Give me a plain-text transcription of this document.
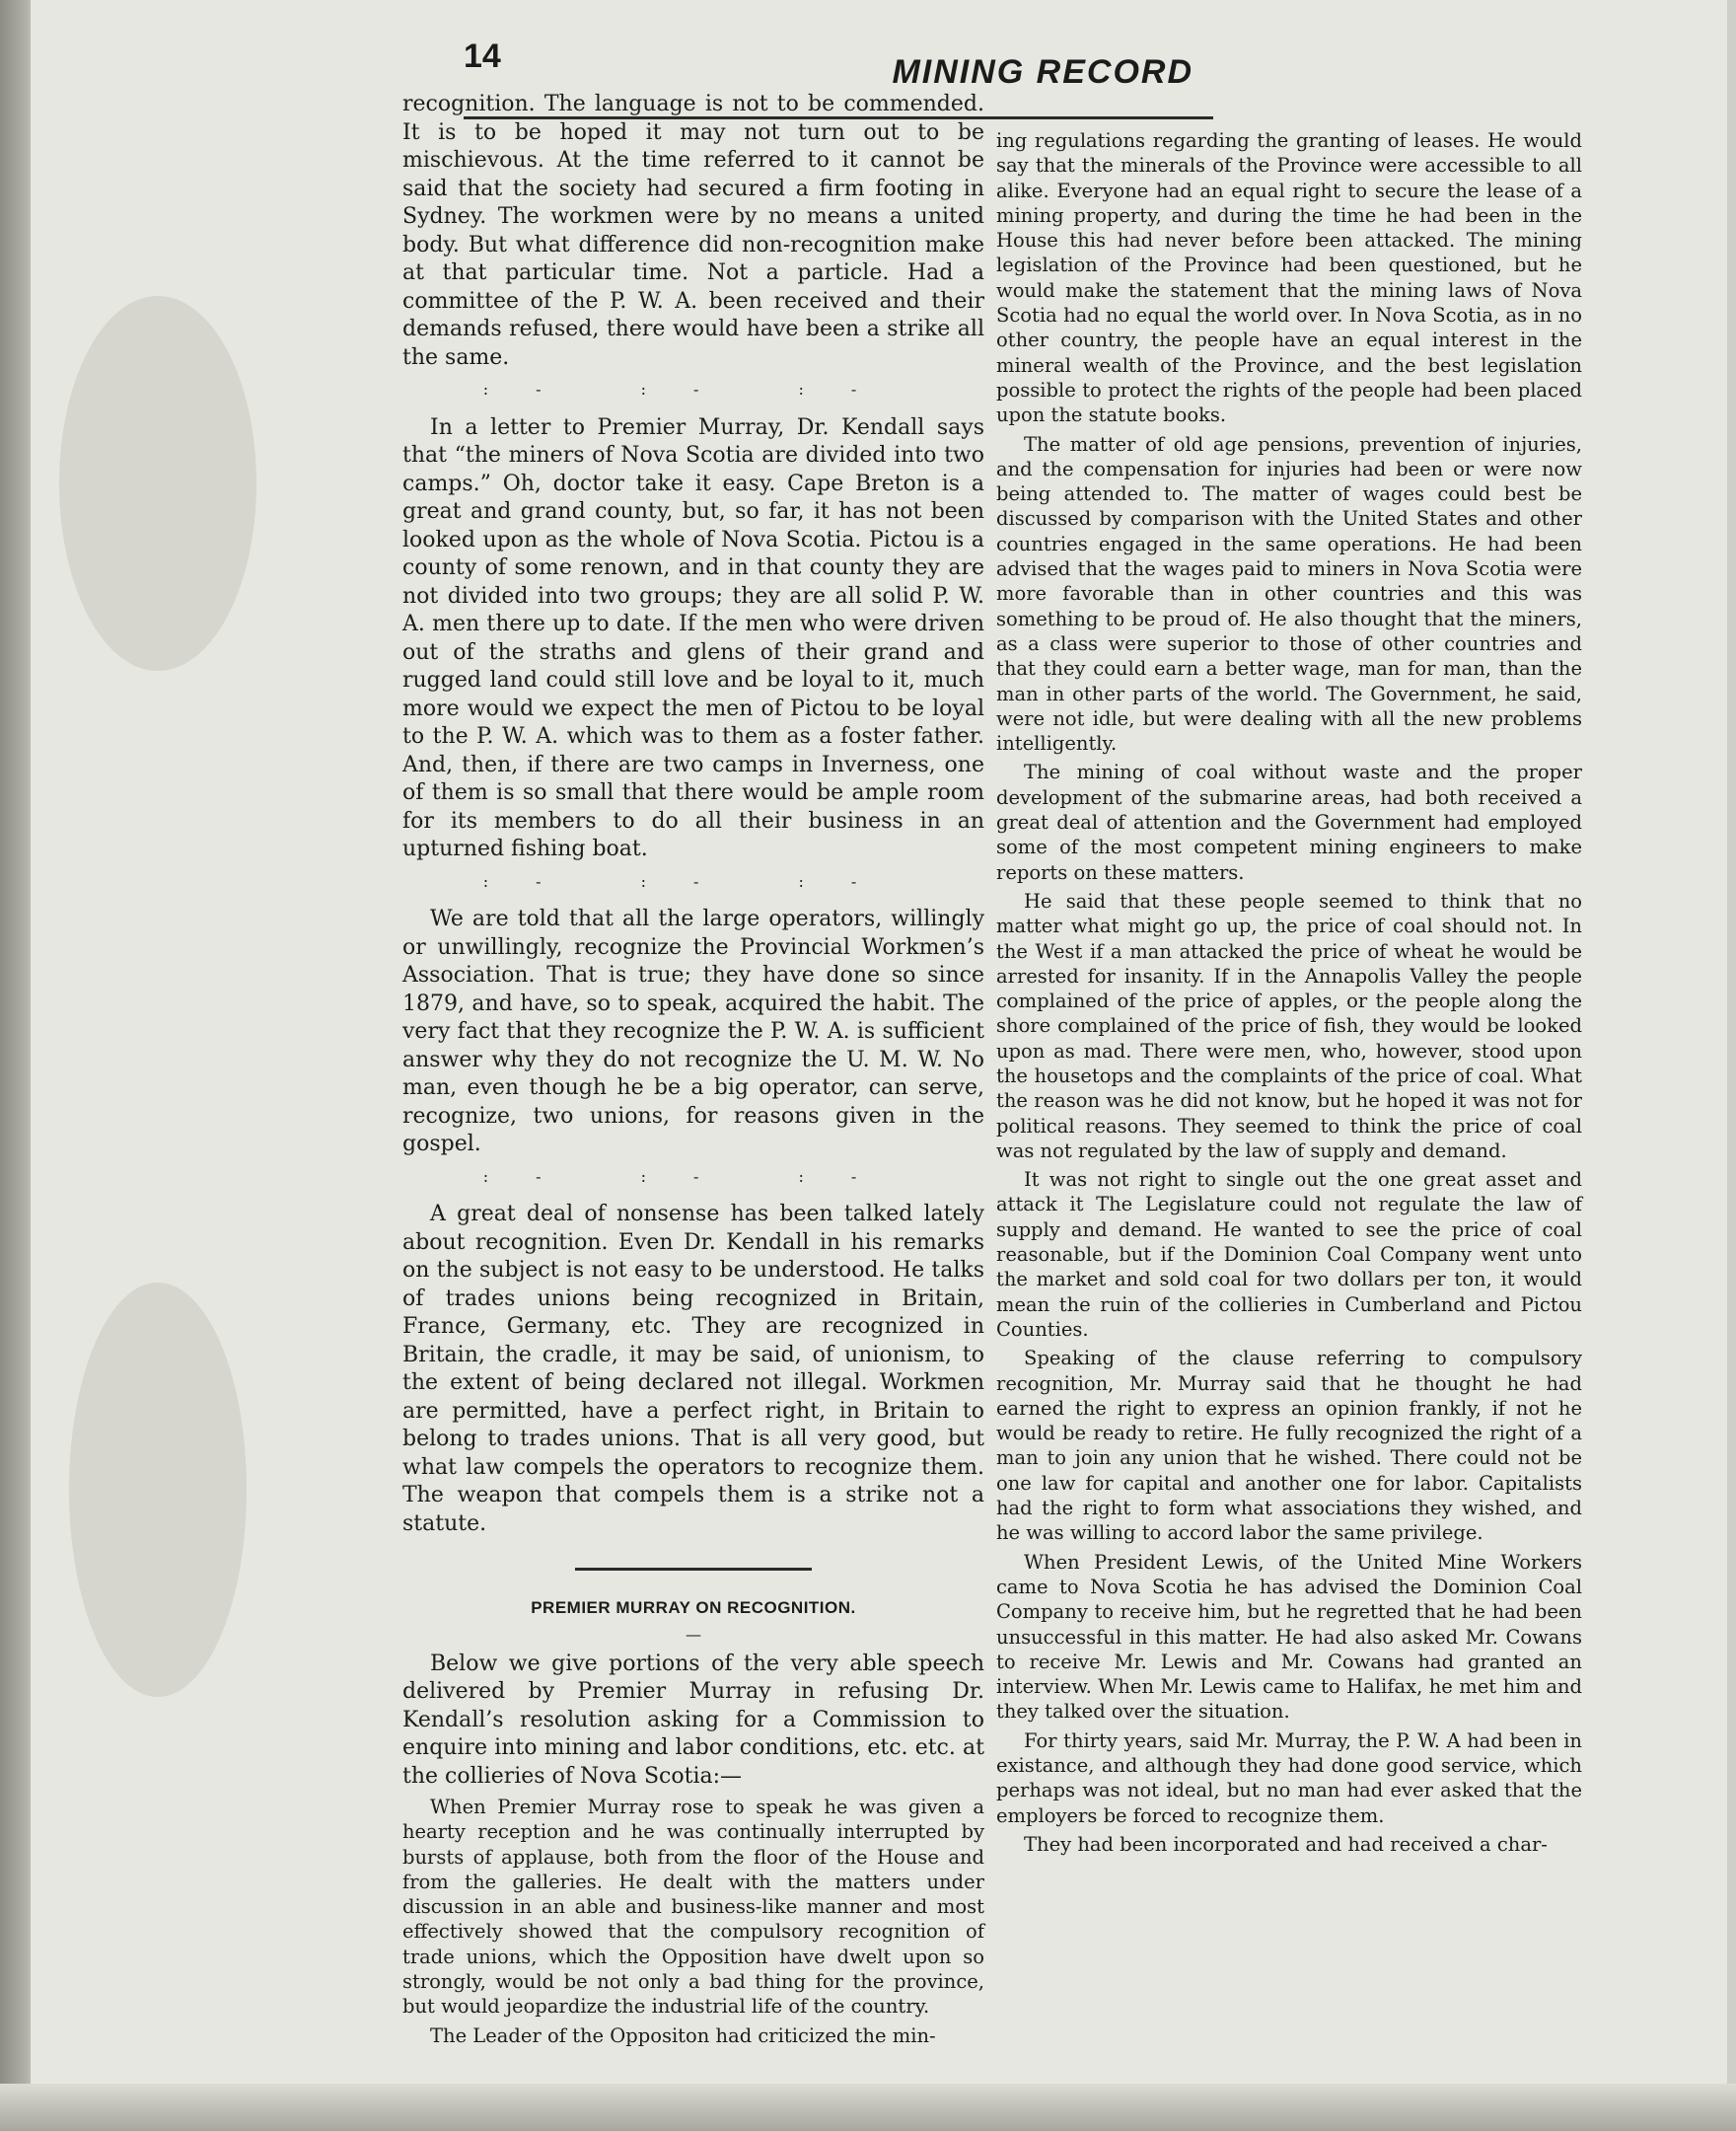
14	MINING RECORD

recognition. The language is not to be commended. It is to be hoped it may not turn out to be mischievous. At the time referred to it cannot be said that the society had secured a firm footing in Sydney. The workmen were by no means a united body. But what difference did non-recognition make at that particular time. Not a particle. Had a committee of the P. W. A. been received and their demands refused, there would have been a strike all the same.

:- :- :-

In a letter to Premier Murray, Dr. Kendall says that “the miners of Nova Scotia are divided into two camps.” Oh, doctor take it easy. Cape Breton is a great and grand county, but, so far, it has not been looked upon as the whole of Nova Scotia. Pictou is a county of some renown, and in that county they are not divided into two groups; they are all solid P. W. A. men there up to date. If the men who were driven out of the straths and glens of their grand and rugged land could still love and be loyal to it, much more would we expect the men of Pictou to be loyal to the P. W. A. which was to them as a foster father. And, then, if there are two camps in Inverness, one of them is so small that there would be ample room for its members to do all their business in an upturned fishing boat.

:- :- :-

We are told that all the large operators, willingly or unwillingly, recognize the Provincial Workmen’s Association. That is true; they have done so since 1879, and have, so to speak, acquired the habit. The very fact that they recognize the P. W. A. is sufficient answer why they do not recognize the U. M. W. No man, even though he be a big operator, can serve, recognize, two unions, for reasons given in the gospel.

:- :- :-

A great deal of nonsense has been talked lately about recognition. Even Dr. Kendall in his remarks on the subject is not easy to be understood. He talks of trades unions being recognized in Britain, France, Germany, etc. They are recognized in Britain, the cradle, it may be said, of unionism, to the extent of being declared not illegal. Workmen are permitted, have a perfect right, in Britain to belong to trades unions. That is all very good, but what law compels the operators to recognize them. The weapon that compels them is a strike not a statute.

PREMIER MURRAY ON RECOGNITION.
—

Below we give portions of the very able speech delivered by Premier Murray in refusing Dr. Kendall’s resolution asking for a Commission to enquire into mining and labor conditions, etc. etc. at the collieries of Nova Scotia:—

When Premier Murray rose to speak he was given a hearty reception and he was continually interrupted by bursts of applause, both from the floor of the House and from the galleries. He dealt with the matters under discussion in an able and business-like manner and most effectively showed that the compulsory recognition of trade unions, which the Opposition have dwelt upon so strongly, would be not only a bad thing for the province, but would jeopardize the industrial life of the country.

The Leader of the Oppositon had criticized the min-

ing regulations regarding the granting of leases. He would say that the minerals of the Province were accessible to all alike. Everyone had an equal right to secure the lease of a mining property, and during the time he had been in the House this had never before been attacked. The mining legislation of the Province had been questioned, but he would make the statement that the mining laws of Nova Scotia had no equal the world over. In Nova Scotia, as in no other country, the people have an equal interest in the mineral wealth of the Province, and the best legislation possible to protect the rights of the people had been placed upon the statute books.

The matter of old age pensions, prevention of injuries, and the compensation for injuries had been or were now being attended to. The matter of wages could best be discussed by comparison with the United States and other countries engaged in the same operations. He had been advised that the wages paid to miners in Nova Scotia were more favorable than in other countries and this was something to be proud of. He also thought that the miners, as a class were superior to those of other countries and that they could earn a better wage, man for man, than the man in other parts of the world. The Government, he said, were not idle, but were dealing with all the new problems intelligently.

The mining of coal without waste and the proper development of the submarine areas, had both received a great deal of attention and the Government had employed some of the most competent mining engineers to make reports on these matters.

He said that these people seemed to think that no matter what might go up, the price of coal should not. In the West if a man attacked the price of wheat he would be arrested for insanity. If in the Annapolis Valley the people complained of the price of apples, or the people along the shore complained of the price of fish, they would be looked upon as mad. There were men, who, however, stood upon the housetops and the complaints of the price of coal. What the reason was he did not know, but he hoped it was not for political reasons. They seemed to think the price of coal was not regulated by the law of supply and demand.

It was not right to single out the one great asset and attack it The Legislature could not regulate the law of supply and demand. He wanted to see the price of coal reasonable, but if the Dominion Coal Company went unto the market and sold coal for two dollars per ton, it would mean the ruin of the collieries in Cumberland and Pictou Counties.

Speaking of the clause referring to compulsory recognition, Mr. Murray said that he thought he had earned the right to express an opinion frankly, if not he would be ready to retire. He fully recognized the right of a man to join any union that he wished. There could not be one law for capital and another one for labor. Capitalists had the right to form what associations they wished, and he was willing to accord labor the same privilege.

When President Lewis, of the United Mine Workers came to Nova Scotia he has advised the Dominion Coal Company to receive him, but he regretted that he had been unsuccessful in this matter. He had also asked Mr. Cowans to receive Mr. Lewis and Mr. Cowans had granted an interview. When Mr. Lewis came to Halifax, he met him and they talked over the situation.

For thirty years, said Mr. Murray, the P. W. A had been in existance, and although they had done good service, which perhaps was not ideal, but no man had ever asked that the employers be forced to recognize them.

They had been incorporated and had received a char-
